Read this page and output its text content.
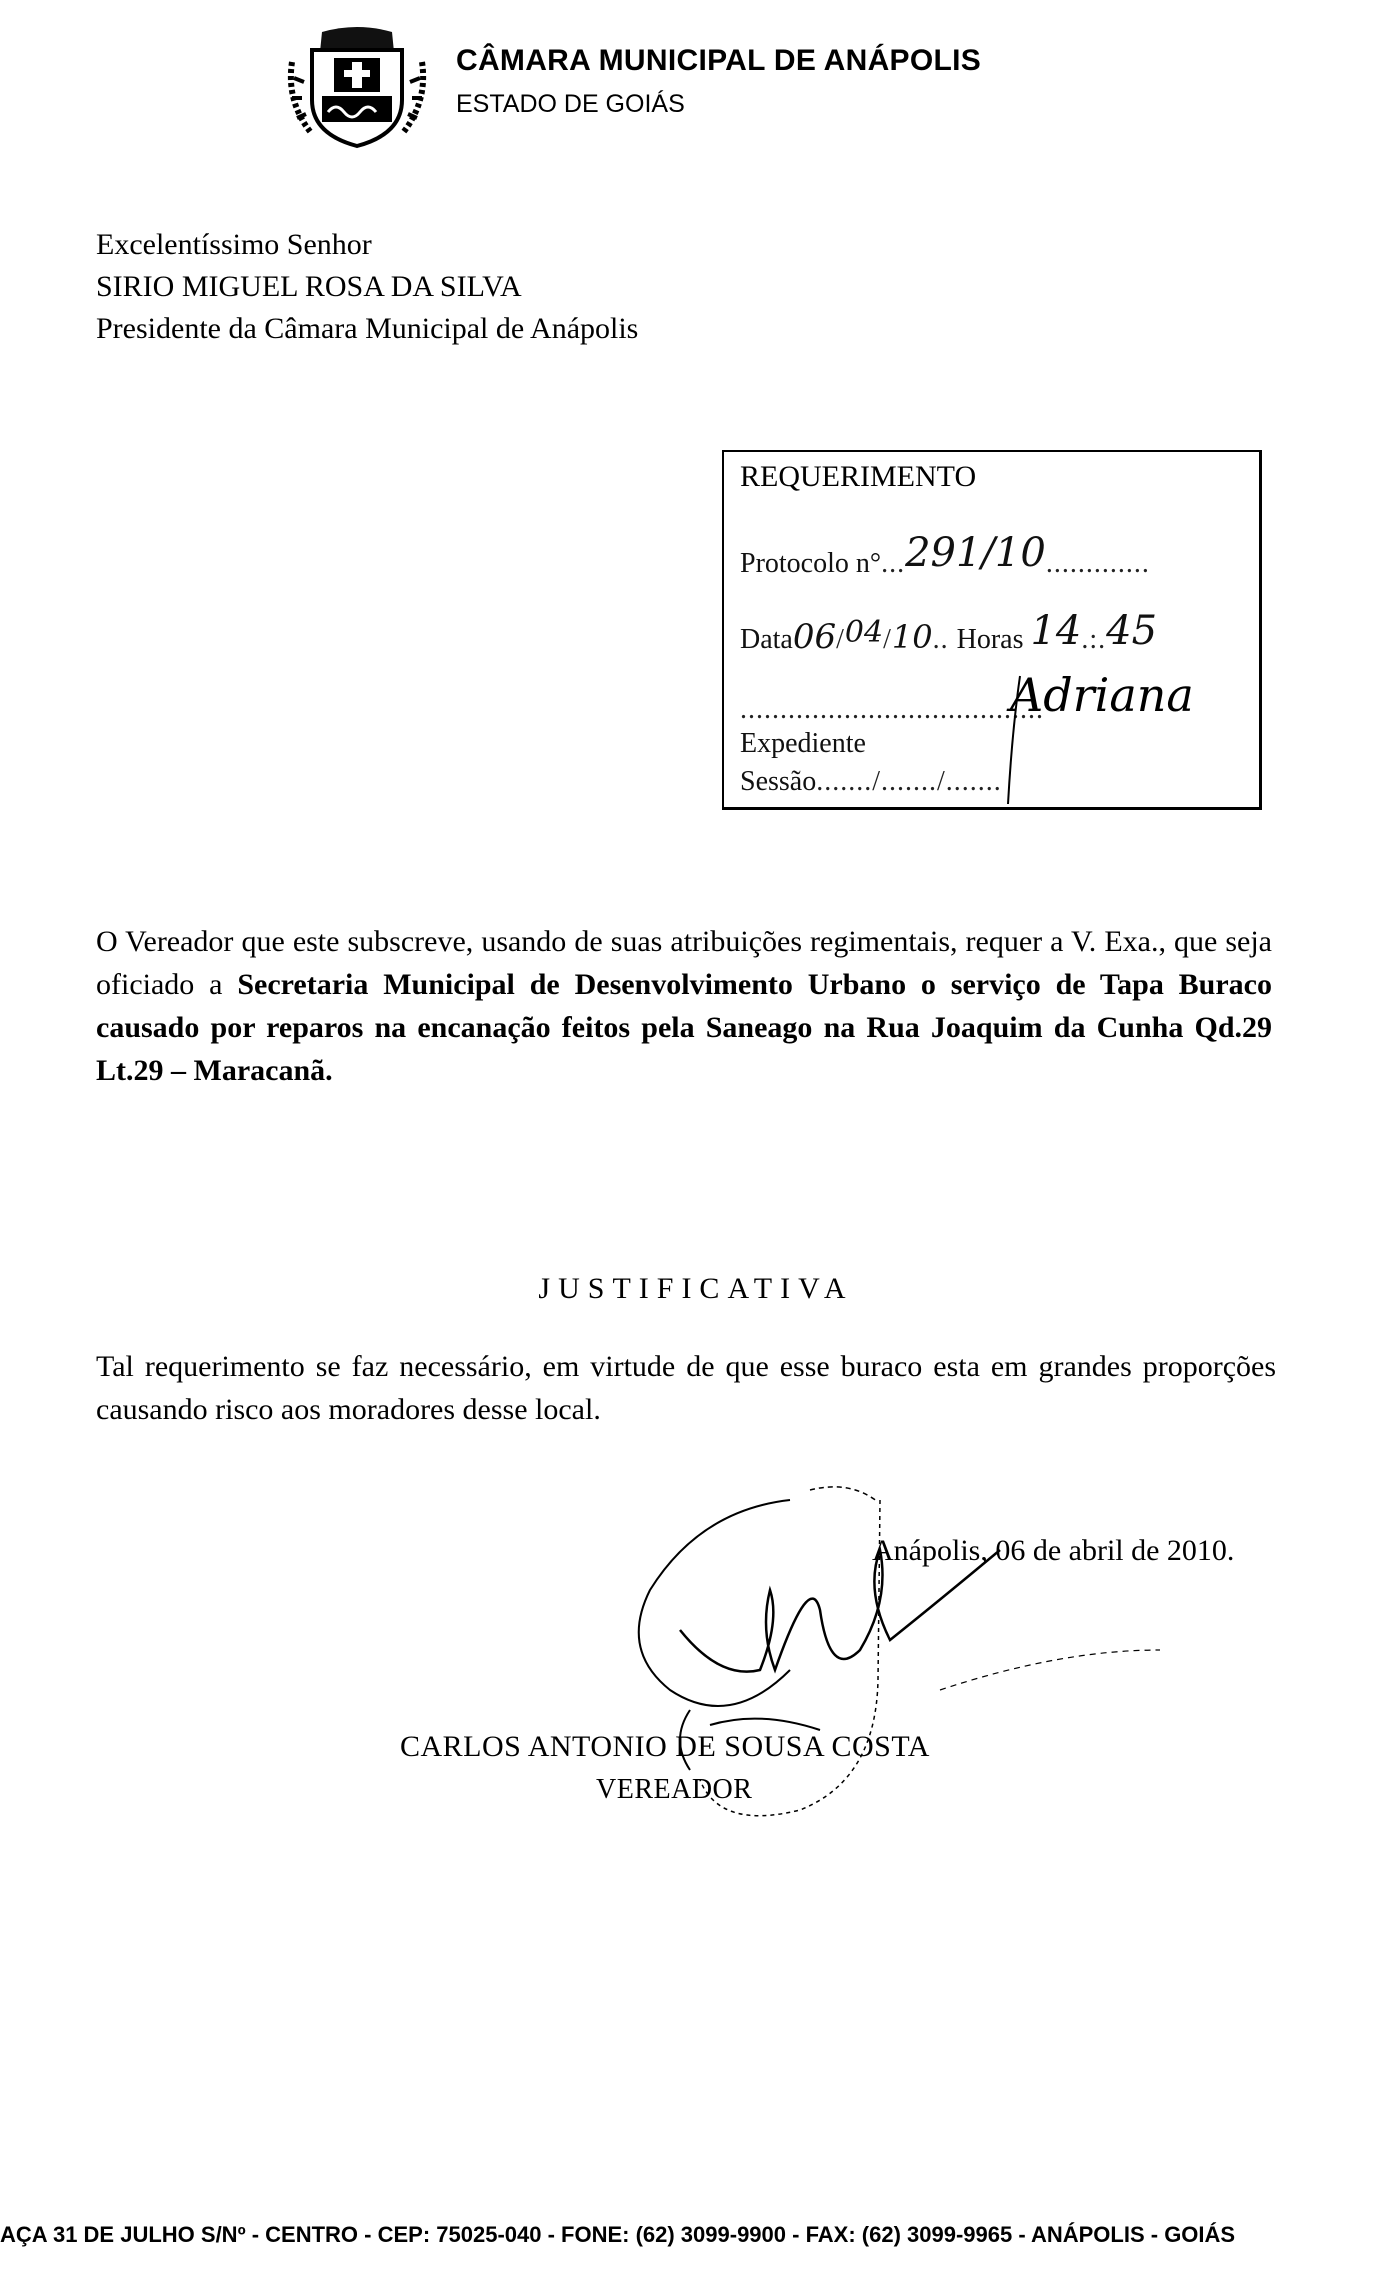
CÂMARA MUNICIPAL DE ANÁPOLIS
ESTADO DE GOIÁS
Excelentíssimo Senhor
SIRIO MIGUEL ROSA DA SILVA
Presidente da Câmara Municipal de Anápolis
REQUERIMENTO
Protocolo n°...291/10.............
Data06/04/10.. Horas 14.:.45
......................................
Adriana
Expediente
Sessão......./......./.......
O Vereador que este subscreve, usando de suas atribuições regimentais, requer a V. Exa., que seja oficiado a Secretaria Municipal de Desenvolvimento Urbano o serviço de Tapa Buraco causado por reparos na encanação feitos pela Saneago na Rua Joaquim da Cunha Qd.29 Lt.29 – Maracanã.
JUSTIFICATIVA
Tal requerimento se faz necessário, em virtude de que esse buraco esta em grandes proporções causando risco aos moradores desse local.
Anápolis, 06 de abril de 2010.
CARLOS ANTONIO DE SOUSA COSTA
VEREADOR
AÇA 31 DE JULHO S/Nº - CENTRO - CEP: 75025-040 - FONE: (62) 3099-9900 - FAX: (62) 3099-9965 - ANÁPOLIS - GOIÁS
